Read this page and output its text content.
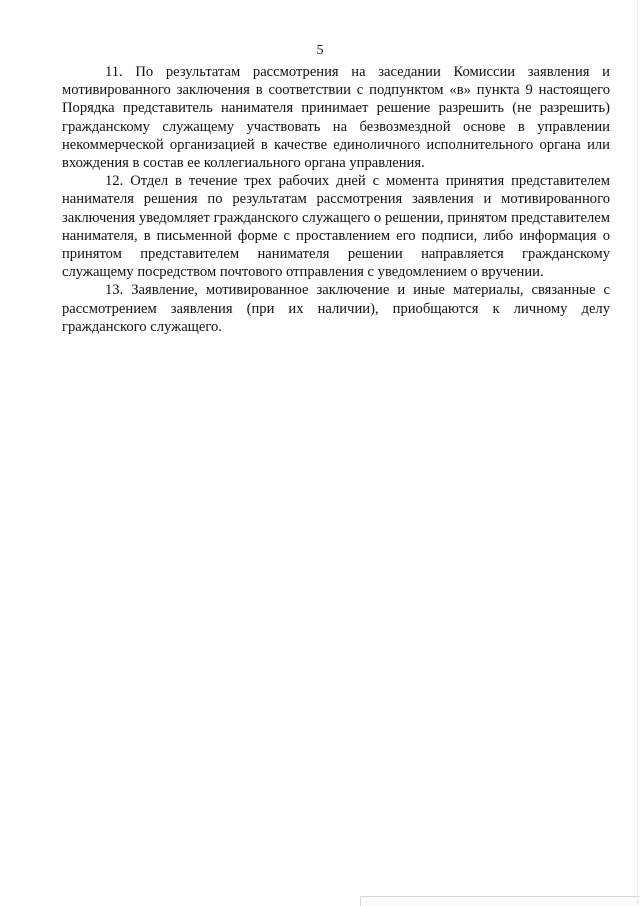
5

11. По результатам рассмотрения на заседании Комиссии заявления и мотивированного заключения в соответствии с подпунктом «в» пункта 9 настоящего Порядка представитель нанимателя принимает решение разрешить (не разрешить) гражданскому служащему участвовать на безвозмездной основе в управлении некоммерческой организацией в качестве единоличного исполнительного органа или вхождения в состав ее коллегиального органа управления.

12. Отдел в течение трех рабочих дней с момента принятия представителем нанимателя решения по результатам рассмотрения заявления и мотивированного заключения уведомляет гражданского служащего о решении, принятом представителем нанимателя, в письменной форме с проставлением его подписи, либо информация о принятом представителем нанимателя решении направляется гражданскому служащему посредством почтового отправления с уведомлением о вручении.

13. Заявление, мотивированное заключение и иные материалы, связанные с рассмотрением заявления (при их наличии), приобщаются к личному делу гражданского служащего.
